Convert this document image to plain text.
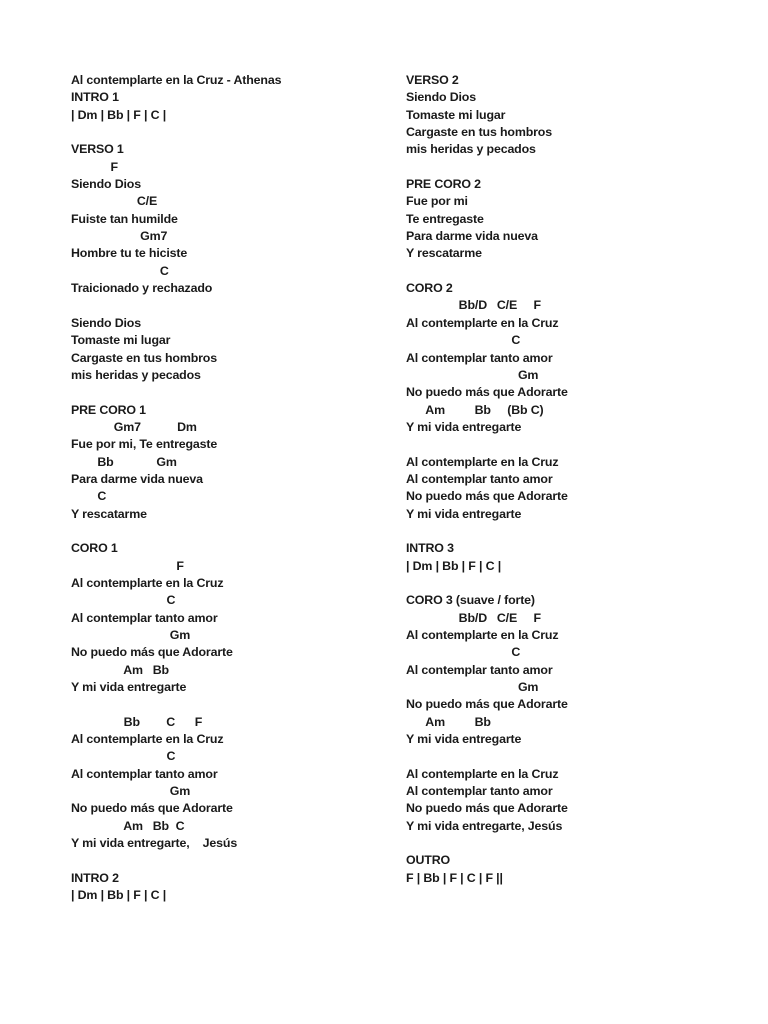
Al contemplarte en la Cruz - Athenas
INTRO 1
| Dm | Bb | F | C |

VERSO 1
F
Siendo Dios
C/E
Fuiste tan humilde
Gm7
Hombre tu te hiciste
C
Traicionado y rechazado

Siendo Dios
Tomaste mi lugar
Cargaste en tus hombros
mis heridas y pecados

PRE CORO 1
Gm7           Dm
Fue por mi, Te entregaste
Bb             Gm
Para darme vida nueva
C
Y rescatarme

CORO 1
F
Al contemplarte en la Cruz
C
Al contemplar tanto amor
Gm
No puedo más que Adorarte
Am   Bb
Y mi vida entregarte

Bb        C      F
Al contemplarte en la Cruz
C
Al contemplar tanto amor
Gm
No puedo más que Adorarte
Am   Bb  C
Y mi vida entregarte,    Jesús

INTRO 2
| Dm | Bb | F | C |
VERSO 2
Siendo Dios
Tomaste mi lugar
Cargaste en tus hombros
mis heridas y pecados

PRE CORO 2
Fue por mi
Te entregaste
Para darme vida nueva
Y rescatarme

CORO 2
Bb/D   C/E     F
Al contemplarte en la Cruz
C
Al contemplar tanto amor
Gm
No puedo más que Adorarte
Am         Bb     (Bb C)
Y mi vida entregarte

Al contemplarte en la Cruz
Al contemplar tanto amor
No puedo más que Adorarte
Y mi vida entregarte

INTRO 3
| Dm | Bb | F | C |

CORO 3 (suave / forte)
Bb/D   C/E     F
Al contemplarte en la Cruz
C
Al contemplar tanto amor
Gm
No puedo más que Adorarte
Am         Bb
Y mi vida entregarte

Al contemplarte en la Cruz
Al contemplar tanto amor
No puedo más que Adorarte
Y mi vida entregarte, Jesús

OUTRO
F | Bb | F | C | F ||
